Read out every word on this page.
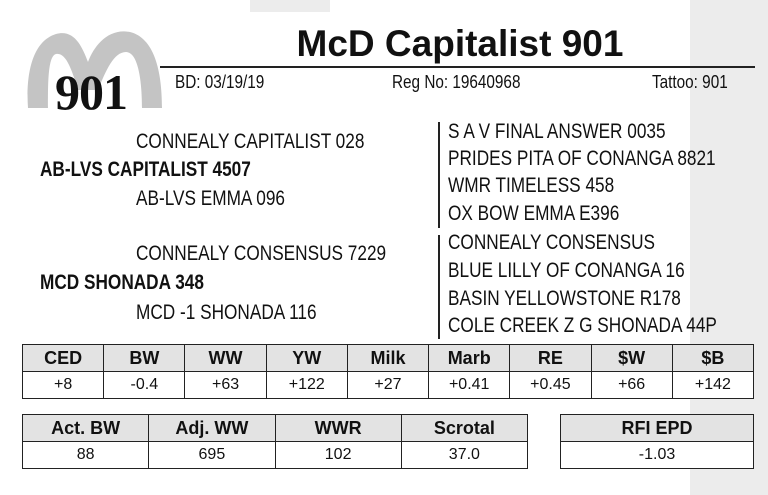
901
McD Capitalist 901
BD: 03/19/19	Reg No: 19640968	Tattoo: 901
CONNEALY CAPITALIST 028
AB-LVS CAPITALIST 4507
AB-LVS EMMA 096
CONNEALY CONSENSUS 7229
MCD SHONADA 348
MCD -1 SHONADA 116
S A V FINAL ANSWER 0035
PRIDES PITA OF CONANGA 8821
WMR TIMELESS 458
OX BOW EMMA E396
CONNEALY CONSENSUS
BLUE LILLY OF CONANGA 16
BASIN YELLOWSTONE R178
COLE CREEK Z G SHONADA 44P
CED	BW	WW	YW	Milk	Marb	RE	$W	$B
+8	-0.4	+63	+122	+27	+0.41	+0.45	+66	+142
Act. BW	Adj. WW	WWR	Scrotal
88	695	102	37.0
RFI EPD
-1.03
